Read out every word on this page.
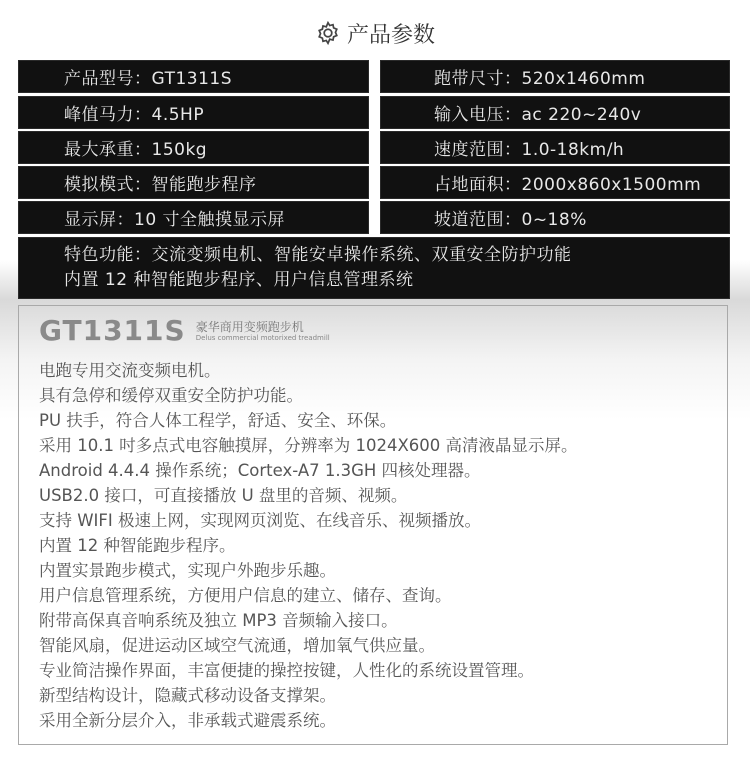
产品参数
产品型号：GT1311S	跑带尺寸：520x1460mm
峰值马力：4.5HP	输入电压：ac 220~240v
最大承重：150kg	速度范围：1.0-18km/h
模拟模式：智能跑步程序	占地面积：2000x860x1500mm
显示屏：10 寸全触摸显示屏	坡道范围：0~18%
特色功能：交流变频电机、智能安卓操作系统、双重安全防护功能
内置 12 种智能跑步程序、用户信息管理系统
GT1311S 豪华商用变频跑步机
Delus commercial motorixed treadmill
电跑专用交流变频电机。
具有急停和缓停双重安全防护功能。
PU 扶手，符合人体工程学，舒适、安全、环保。
采用 10.1 吋多点式电容触摸屏，分辨率为 1024X600 高清液晶显示屏。
Android 4.4.4 操作系统；Cortex-A7 1.3GH 四核处理器。
USB2.0 接口，可直接播放 U 盘里的音频、视频。
支持 WIFI 极速上网，实现网页浏览、在线音乐、视频播放。
内置 12 种智能跑步程序。
内置实景跑步模式，实现户外跑步乐趣。
用户信息管理系统，方便用户信息的建立、储存、查询。
附带高保真音响系统及独立 MP3 音频输入接口。
智能风扇，促进运动区域空气流通，增加氧气供应量。
专业简洁操作界面，丰富便捷的操控按键，人性化的系统设置管理。
新型结构设计，隐藏式移动设备支撑架。
采用全新分层介入，非承载式避震系统。
